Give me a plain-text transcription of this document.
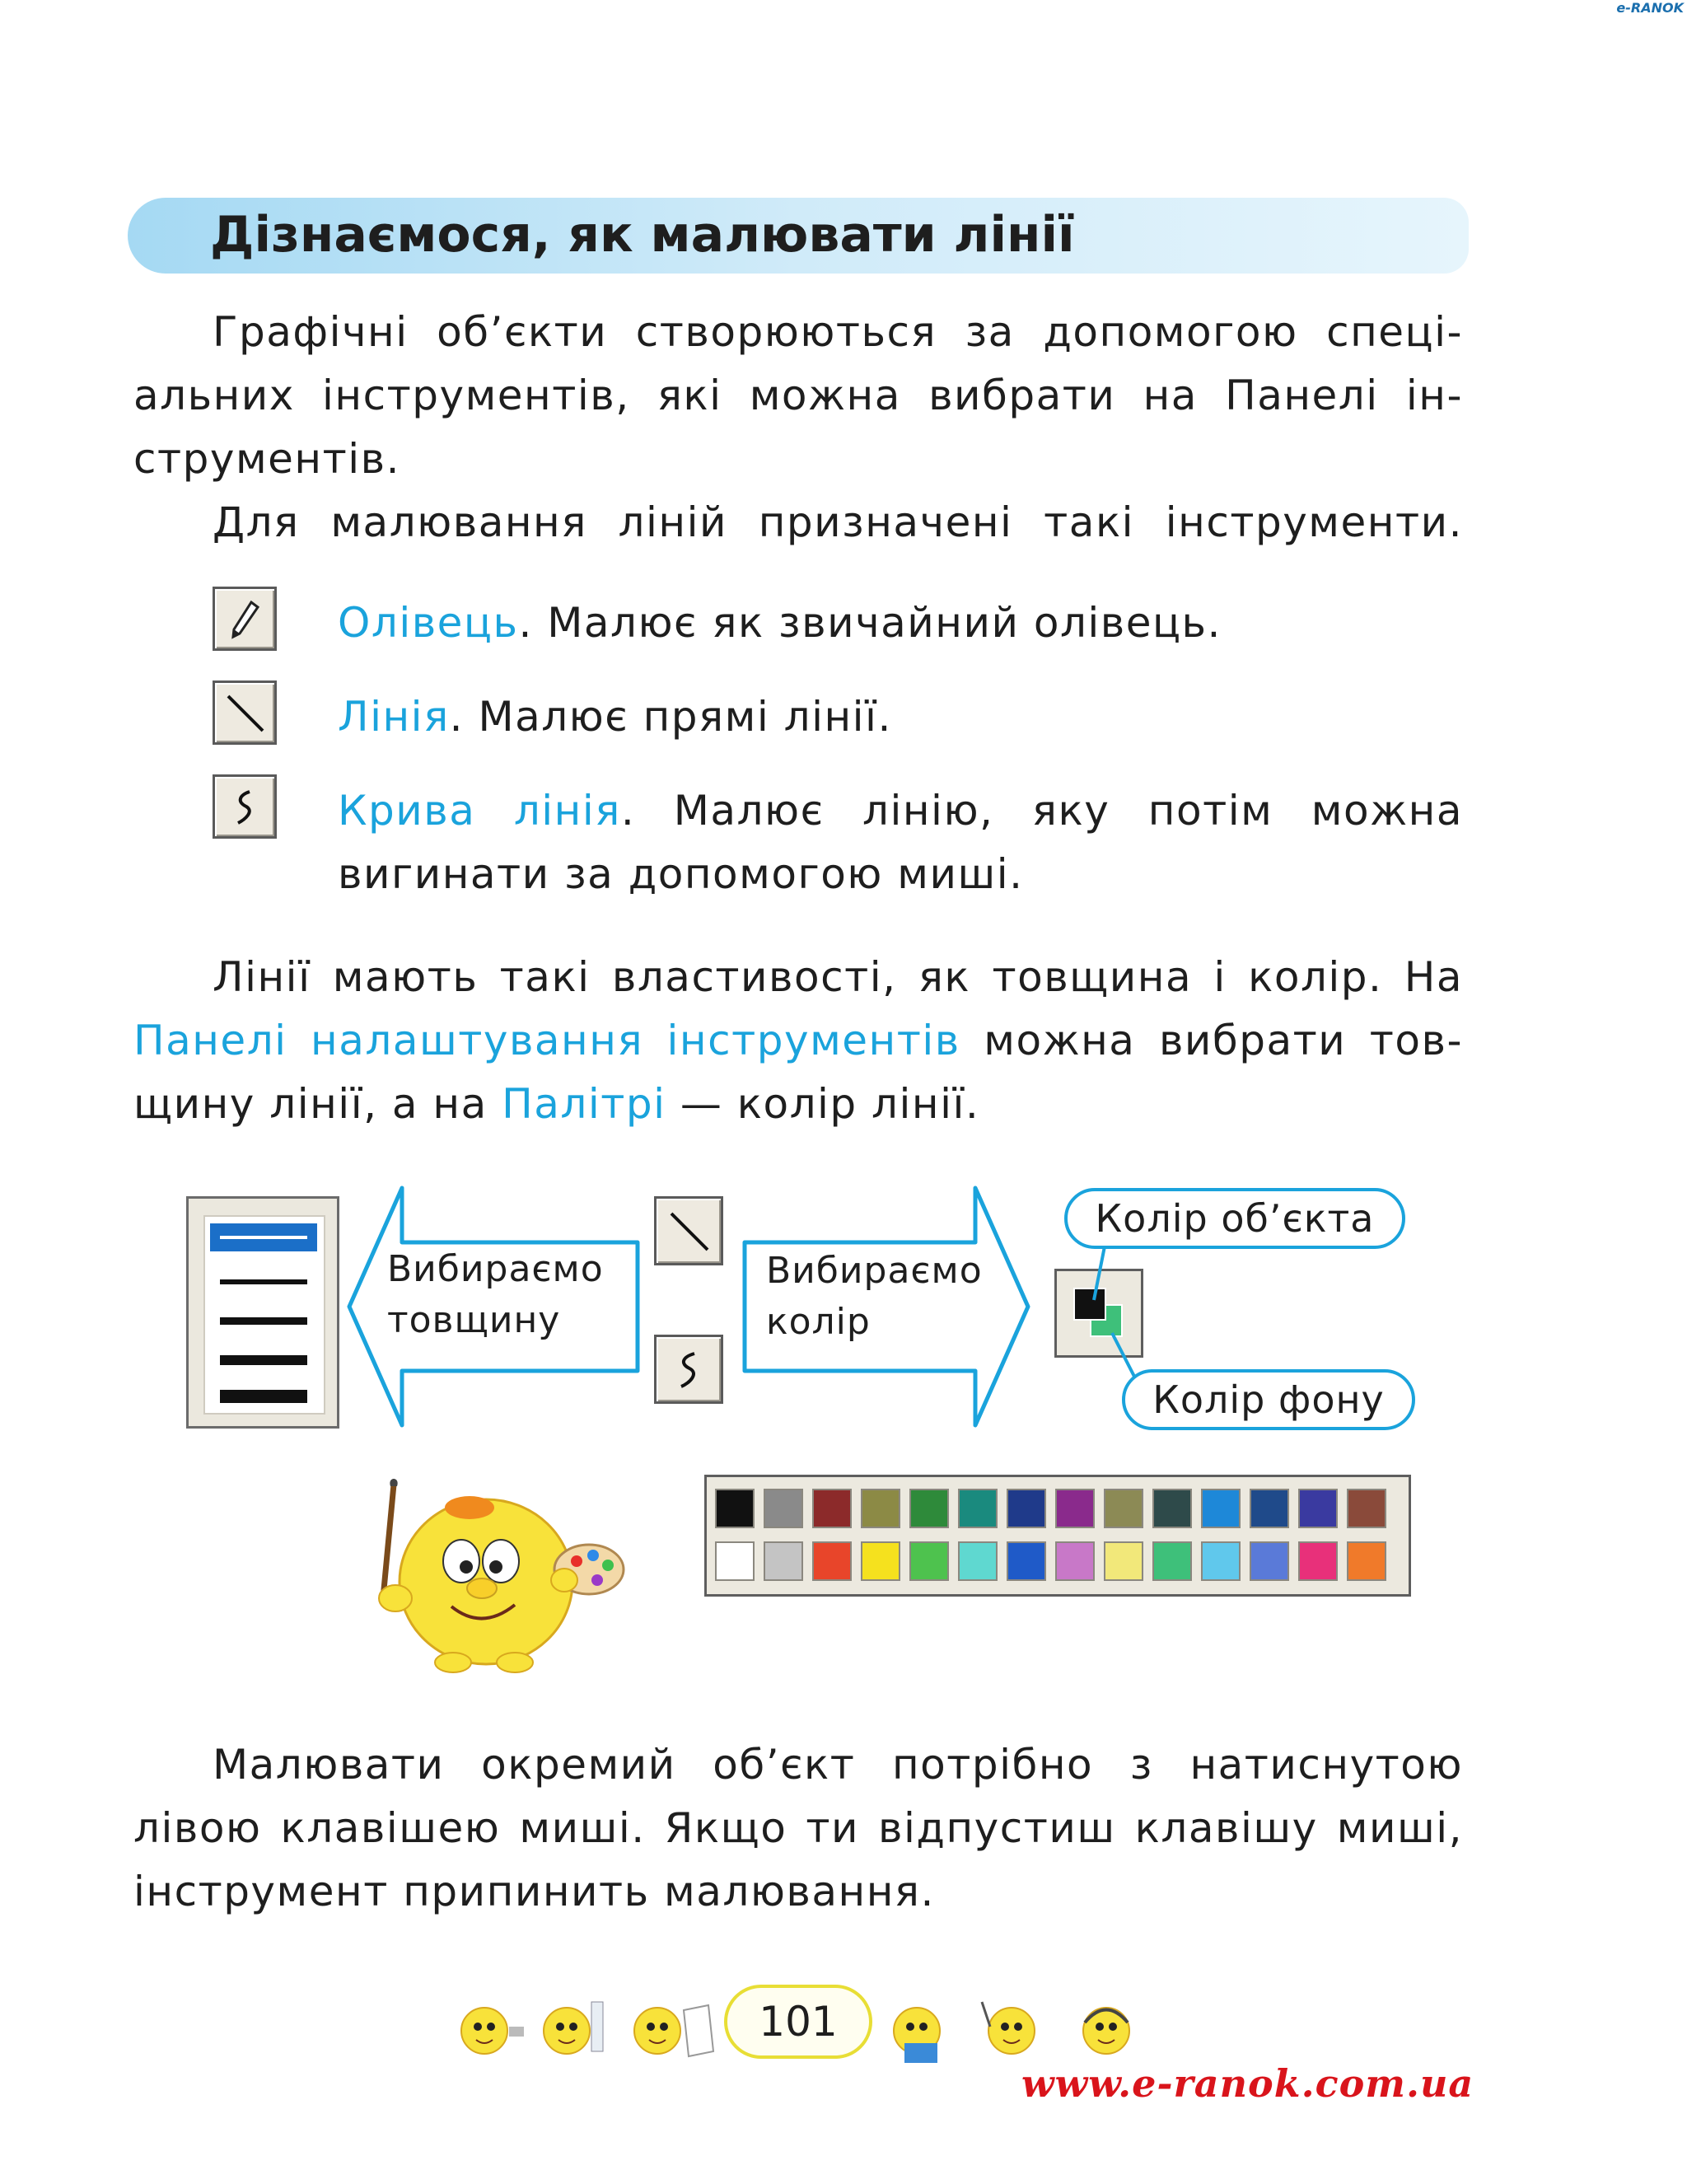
e-RANOK
Дізнаємося, як малювати лінії
Графічні об’єкти створюються за допомогою спеці-
альних інструментів, які можна вибрати на Панелі ін-
струментів.
Для малювання ліній призначені такі інструменти.
Олівець. Малює як звичайний олівець.
Лінія. Малює прямі лінії.
Крива лінія. Малює лінію, яку потім можна
вигинати за допомогою миші.
Лінії мають такі властивості, як товщина і колір. На
Панелі налаштування інструментів можна вибрати тов-
щину лінії, а на Палітрі — колір лінії.
Вибираємо
товщину
Вибираємо
колір
Колір об’єкта
Колір фону
Малювати окремий об’єкт потрібно з натиснутою
лівою клавішею миші. Якщо ти відпустиш клавішу миші,
інструмент припинить малювання.
101
www.e-ranok.com.ua
